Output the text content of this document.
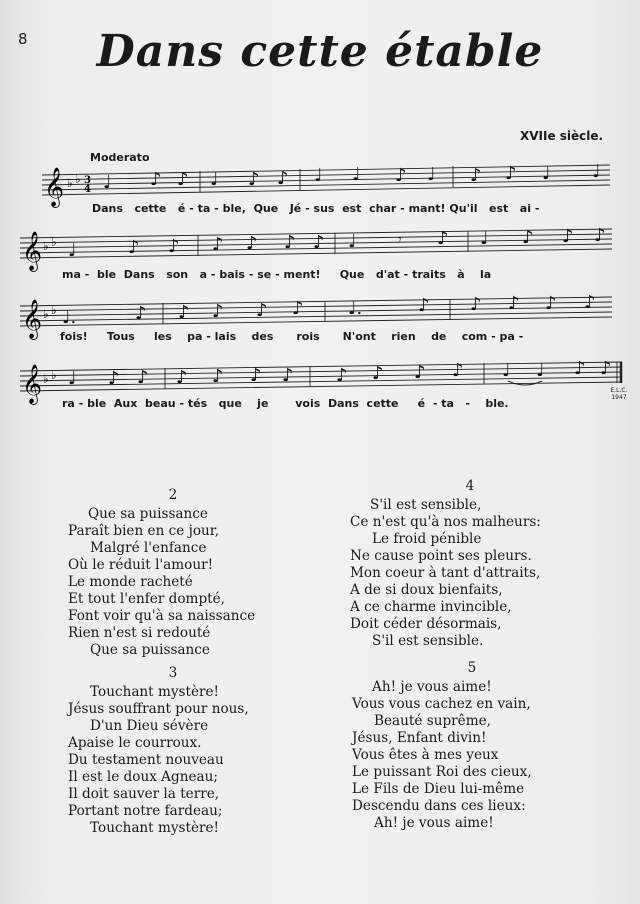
8	Dans cette étable
XVIIe siècle.
Moderato
𝄞 ♭ ♭ 3
4 ♩ ♪ ♪ ♩ ♪ ♪ ♩ ♩ ♪ ♩ ♪ ♪ ♩ ♩
Dans cette é - ta - ble, Que Jé - sus est char - mant! Qu'il est ai -
𝄞 ♭ ♭ ♩	♪ ♪ ♪ ♪ ♪ ♪ ♩	𝄾 ♪ ♩ ♪ ♪ ♪
ma - ble Dans son a - bais - se - ment! Que d'at - traits à la
𝄞 ♭ ♭ ♩.	♪ ♪ ♪ ♪ ♪ ♩.	♪ ♪ ♪ ♪ ♪
fois! Tous les pa - lais des rois N'ont rien de com - pa -
𝄞 ♭ ♭ ♩ ♪ ♪ ♪ ♪ ♪ ♪ ♪ ♪ ♪ ♪ ♩ ♩ ♪ ♪
ra - ble Aux beau - tés que je vois Dans cette é - ta - ble.
E.L.C. 1947
2
Que sa puissance
Paraît bien en ce jour,
Malgré l'enfance
Où le réduit l'amour!
Le monde racheté
Et tout l'enfer dompté,
Font voir qu'à sa naissance
Rien n'est si redouté
Que sa puissance
3
Touchant mystère!
Jésus souffrant pour nous,
D'un Dieu sévère
Apaise le courroux.
Du testament nouveau
Il est le doux Agneau;
Il doit sauver la terre,
Portant notre fardeau;
Touchant mystère!
4
S'il est sensible,
Ce n'est qu'à nos malheurs:
Le froid pénible
Ne cause point ses pleurs.
Mon coeur à tant d'attraits,
A de si doux bienfaits,
A ce charme invincible,
Doit céder désormais,
S'il est sensible.
5
Ah! je vous aime!
Vous vous cachez en vain,
Beauté suprême,
Jésus, Enfant divin!
Vous êtes à mes yeux
Le puissant Roi des cieux,
Le Fils de Dieu lui-même
Descendu dans ces lieux:
Ah! je vous aime!
